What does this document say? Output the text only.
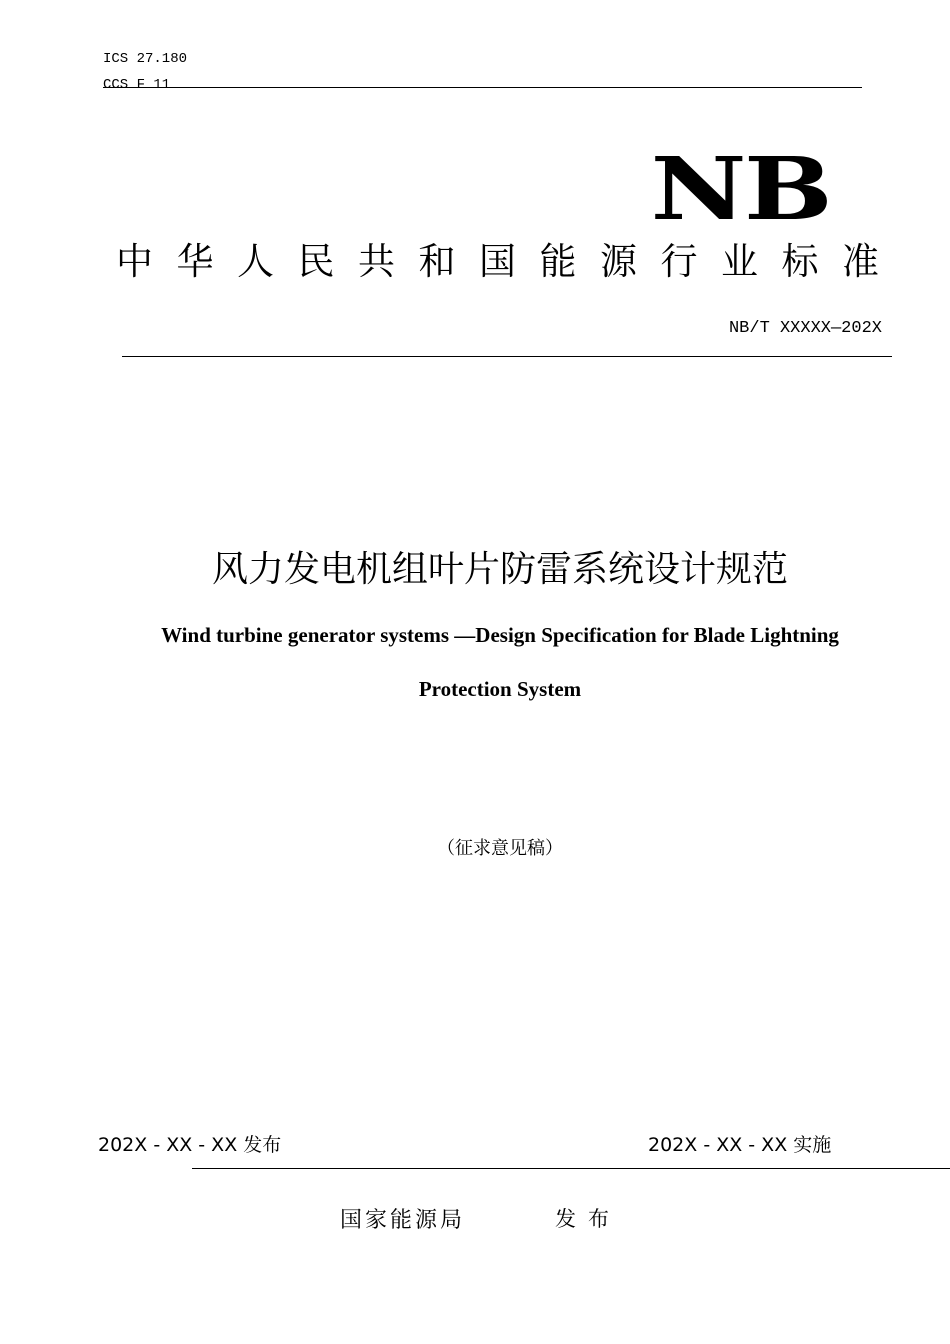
ICS 27.180
CCS F 11
NB
中华人民共和国能源行业标准
NB/T XXXXX—202X
风力发电机组叶片防雷系统设计规范
Wind turbine generator systems —Design Specification for Blade Lightning
Protection System
（征求意见稿）
202X - XX - XX 发布	202X - XX - XX 实施
国家能源局	发布
